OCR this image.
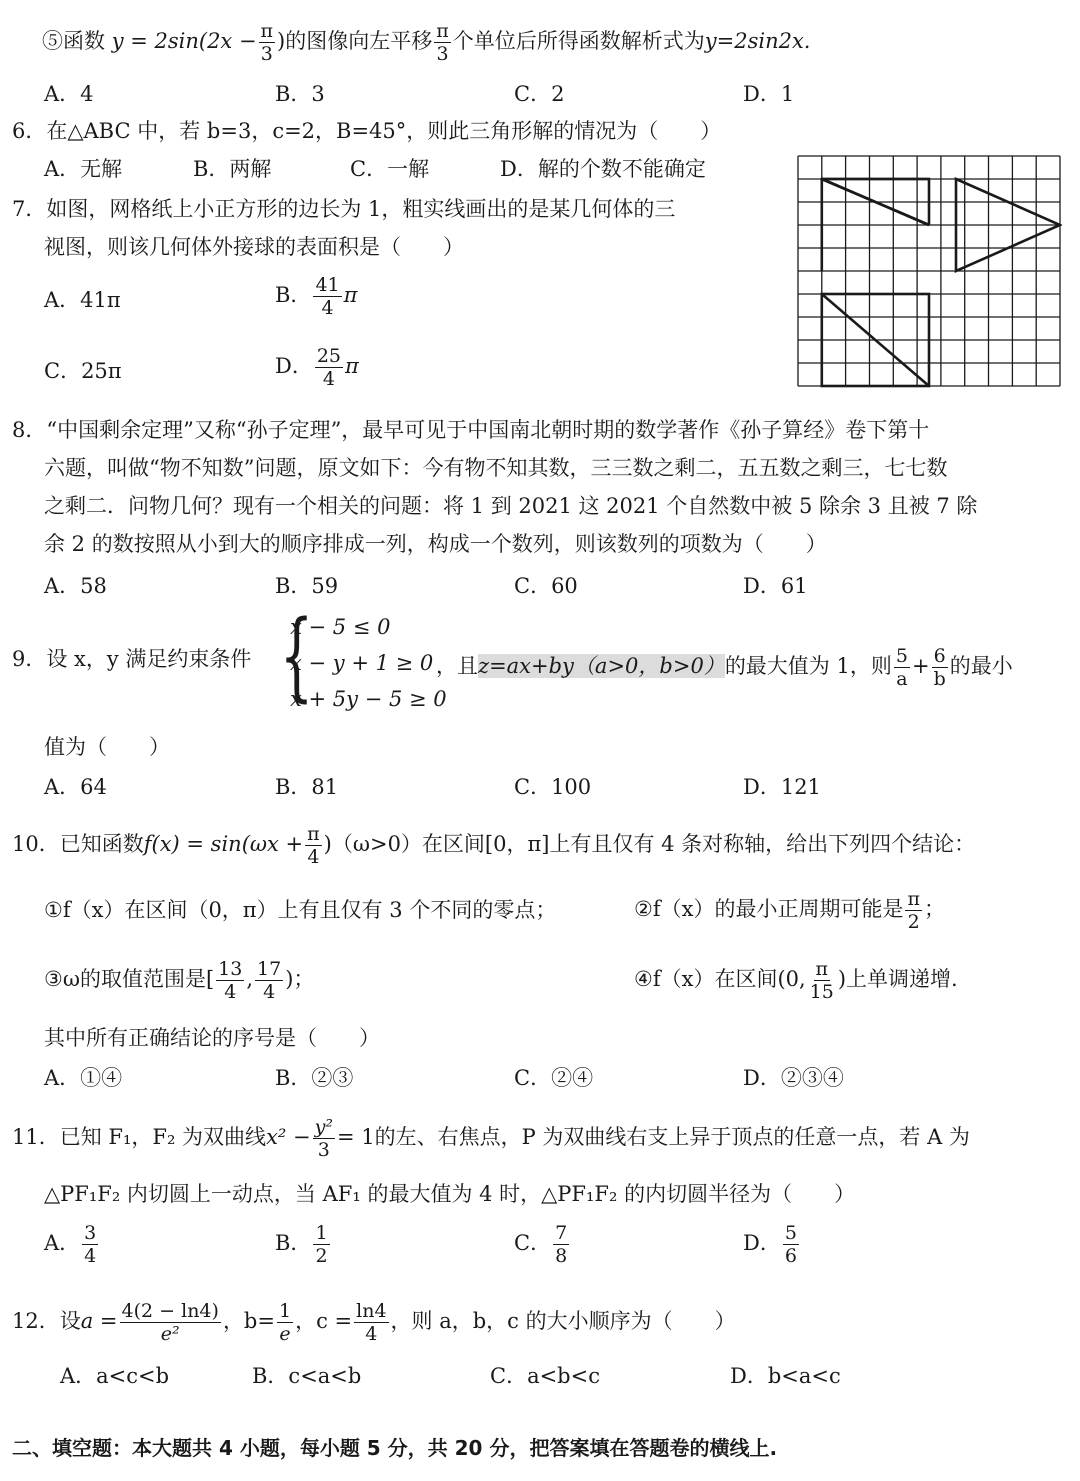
⑤函数 $y = 2\sin(2x - \frac{\pi}{3}$ )的图像向左平移 $\frac{\pi}{3}$ 个单位后所得函数解析式为y=2sin2x.
A．4	B．3	C．2	D．1
6．在△ABC 中，若 b=3，c=2，B=45°，则此三角形解的情况为（　　）
A．无解	B．两解	C．一解	D．解的个数不能确定
7．如图，网格纸上小正方形的边长为 1，粗实线画出的是某几何体的三
视图，则该几何体外接球的表面积是（　　）
A．41π	B． $\frac{41}{4}$ π
C．25π	D． $\frac{25}{4}$ π
8．“中国剩余定理”又称“孙子定理”，最早可见于中国南北朝时期的数学著作《孙子算经》卷下第十
六题，叫做“物不知数”问题，原文如下：今有物不知其数，三三数之剩二，五五数之剩三，七七数
之剩二．问物几何？现有一个相关的问题：将 1 到 2021 这 2021 个自然数中被 5 除余 3 且被 7 除
余 2 的数按照从小到大的顺序排成一列，构成一个数列，则该数列的项数为（　　）
A．58	B．59	C．60	D．61
9．设 x，y 满足约束条件 {
x − 5 ≤ 0
x − y + 1 ≥ 0
x + 5y − 5 ≥ 0
，且z=ax+by（a>0，b>0）的最大值为 1，则 $\frac{5}{a} + \frac{6}{b}$ 的最小
值为（　　）
A．64	B．81	C．100	D．121
10．已知函数$f(x) = \sin(\omega x + \frac{\pi}{4} )(\omega>0)$在区间[0，π]上有且仅有 4 条对称轴，给出下列四个结论：
①f（x）在区间（0，π）上有且仅有 3 个不同的零点；	②f（x）的最小正周期可能是 $\frac{\pi}{2}$ ；
③ω的取值范围是[ $\frac{13}{4}$ , $\frac{17}{4}$ )；	④f（x）在区间(0, $\frac{\pi}{15}$ )上单调递增.
其中所有正确结论的序号是（　　）
A．①④	B．②③	C．②④	D．②③④
11．已知 F₁，F₂ 为双曲线$x^2 - \frac{\text{y²}}{3} = 1$的左、右焦点，P 为双曲线右支上异于顶点的任意一点，若 A 为
△PF₁F₂ 内切圆上一动点，当 AF₁ 的最大值为 4 时，△PF₁F₂ 的内切圆半径为（　　）
A． $\frac{3}{4}$	B． $\frac{1}{2}$	C． $\frac{7}{8}$	D． $\frac{5}{6}$
12．设$a = \frac{4(2 - \ln 4)}{\text{e²}}$ ，$b= \frac{1}{e}$ ，$c = \frac{\ln 4}{4}$ ，则 a，b，c 的大小顺序为（　　）
A．a<c<b	B．c<a<b	C．a<b<c	D．b<a<c
二、填空题：本大题共 4 小题，每小题 5 分，共 20 分，把答案填在答题卷的横线上.
